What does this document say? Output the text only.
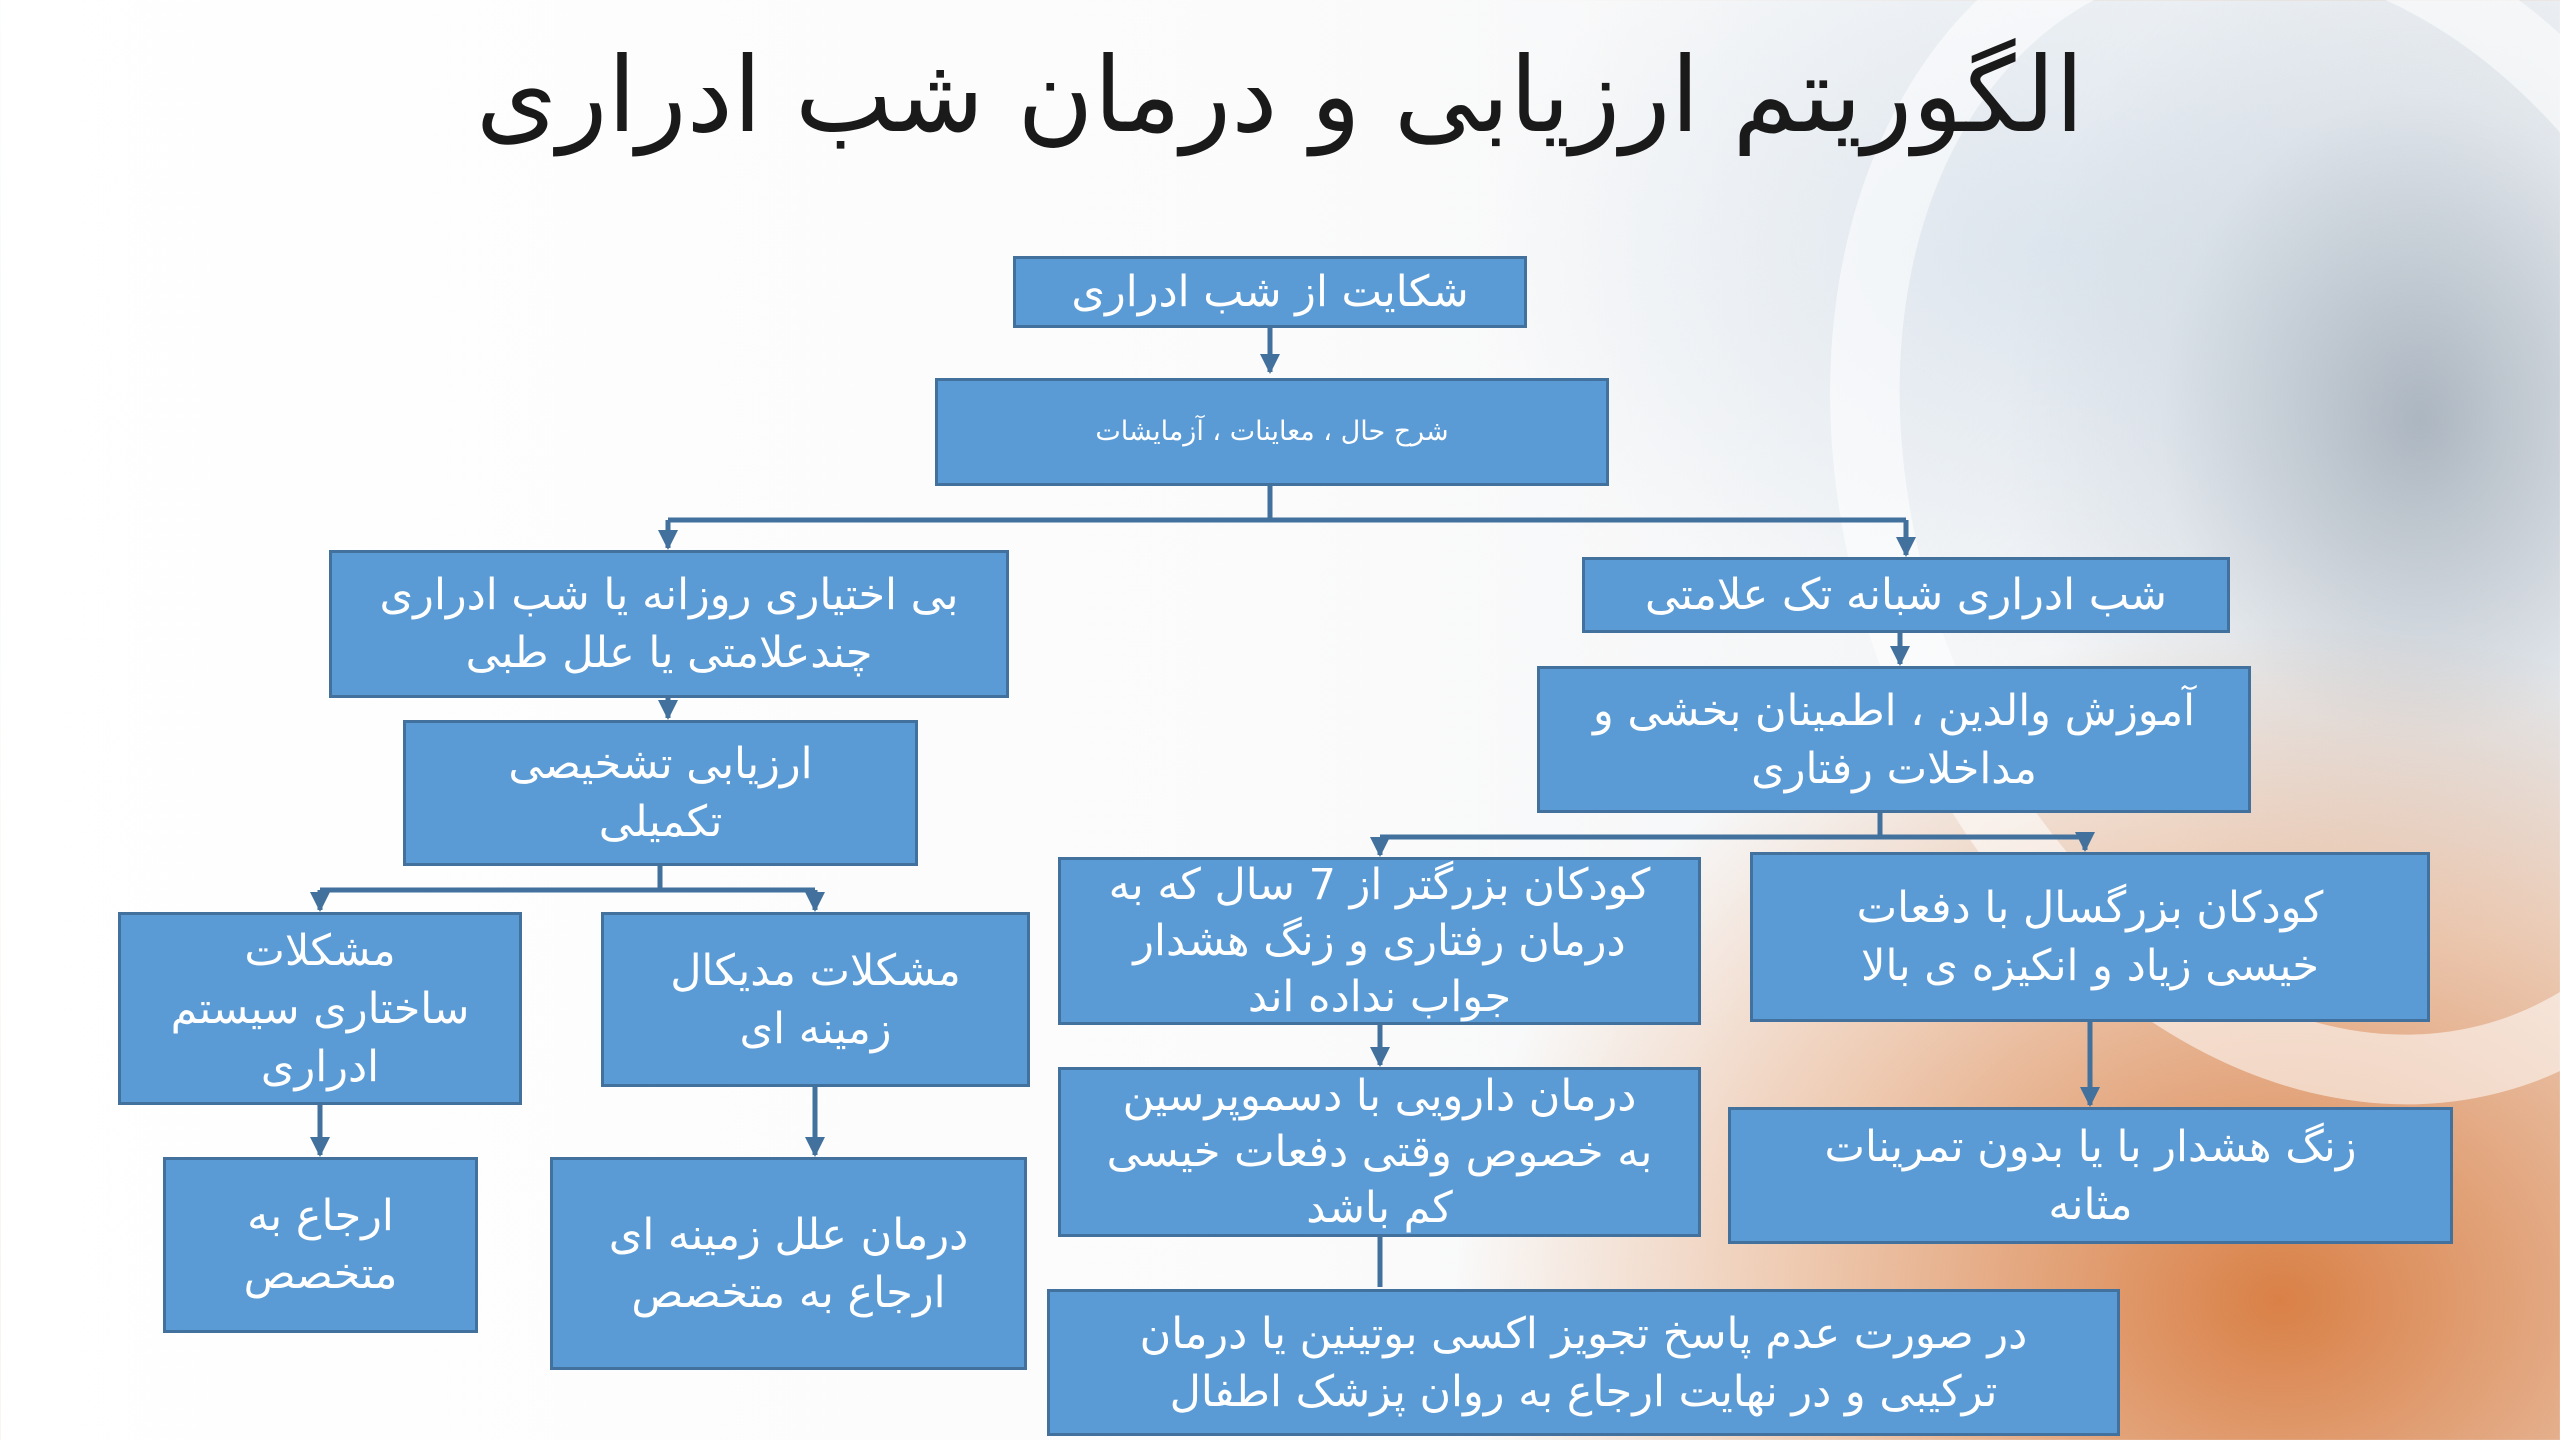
الگوریتم ارزیابی و درمان شب ادراری
شکایت از شب ادراری
شرح حال ، معاینات ، آزمایشات
بی اختیاری روزانه یا شب ادراری چندعلامتی یا علل طبی
شب ادراری شبانه تک علامتی
ارزیابی تشخیصی تکمیلی
آموزش والدین ، اطمینان بخشی و مداخلات رفتاری
مشکلات ساختاری سیستم ادراری
مشکلات مدیکال زمینه ای
کودکان بزرگتر از 7 سال که به درمان رفتاری و زنگ هشدار جواب نداده اند
کودکان بزرگسال با دفعات خیسی زیاد و انکیزه ی بالا
ارجاع به متخصص
درمان علل زمینه ای ارجاع به متخصص
درمان دارویی با دسموپرسین به خصوص وقتی دفعات خیسی کم باشد
زنگ هشدار با یا بدون تمرینات مثانه
در صورت عدم پاسخ تجویز اکسی بوتینین یا درمان ترکیبی و در نهایت ارجاع به روان پزشک اطفال
